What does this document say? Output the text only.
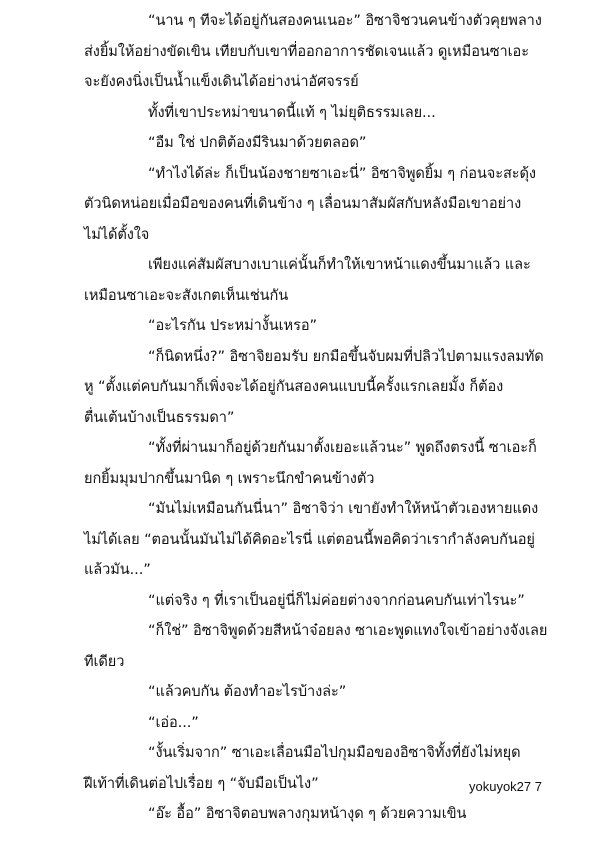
“นาน ๆ ทีจะได้อยู่กันสองคนเนอะ” อิซาจิชวนคนข้างตัวคุยพลาง
ส่งยิ้มให้อย่างขัดเขิน เทียบกับเขาที่ออกอาการชัดเจนแล้ว ดูเหมือนซาเอะ
จะยังคงนิ่งเป็นน้ำแข็งเดินได้อย่างน่าอัศจรรย์
ทั้งที่เขาประหม่าขนาดนี้แท้ ๆ ไม่ยุติธรรมเลย...
“อืม ใช่ ปกติต้องมีรินมาด้วยตลอด”
“ทำไงได้ล่ะ ก็เป็นน้องชายซาเอะนี่” อิซาจิพูดยิ้ม ๆ ก่อนจะสะดุ้ง
ตัวนิดหน่อยเมื่อมือของคนที่เดินข้าง ๆ เลื่อนมาสัมผัสกับหลังมือเขาอย่าง
ไม่ได้ตั้งใจ
เพียงแค่สัมผัสบางเบาแค่นั้นก็ทำให้เขาหน้าแดงขึ้นมาแล้ว และ
เหมือนซาเอะจะสังเกตเห็นเช่นกัน
“อะไรกัน ประหม่างั้นเหรอ”
“ก็นิดหนึ่ง?” อิซาจิยอมรับ ยกมือขึ้นจับผมที่ปลิวไปตามแรงลมทัด
หู “ตั้งแต่คบกันมาก็เพิ่งจะได้อยู่กันสองคนแบบนี้ครั้งแรกเลยมั้ง ก็ต้อง
ตื่นเต้นบ้างเป็นธรรมดา”
“ทั้งที่ผ่านมาก็อยู่ด้วยกันมาตั้งเยอะแล้วนะ” พูดถึงตรงนี้ ซาเอะก็
ยกยิ้มมุมปากขึ้นมานิด ๆ เพราะนึกขำคนข้างตัว
“มันไม่เหมือนกันนี่นา” อิซาจิว่า เขายังทำให้หน้าตัวเองหายแดง
ไม่ได้เลย “ตอนนั้นมันไม่ได้คิดอะไรนี่ แต่ตอนนี้พอคิดว่าเรากำลังคบกันอยู่
แล้วมัน...”
“แต่จริง ๆ ที่เราเป็นอยู่นี่ก็ไม่ค่อยต่างจากก่อนคบกันเท่าไรนะ”
“ก็ใช่” อิซาจิพูดด้วยสีหน้าจ๋อยลง ซาเอะพูดแทงใจเข้าอย่างจังเลย
ทีเดียว
“แล้วคบกัน ต้องทำอะไรบ้างล่ะ”
“เอ่อ...”
“งั้นเริ่มจาก” ซาเอะเลื่อนมือไปกุมมือของอิซาจิทั้งที่ยังไม่หยุด
ฝีเท้าที่เดินต่อไปเรื่อย ๆ “จับมือเป็นไง”
“อ๊ะ อื้อ” อิซาจิตอบพลางกุมหน้างุด ๆ ด้วยความเขิน
yokuyok27 7
